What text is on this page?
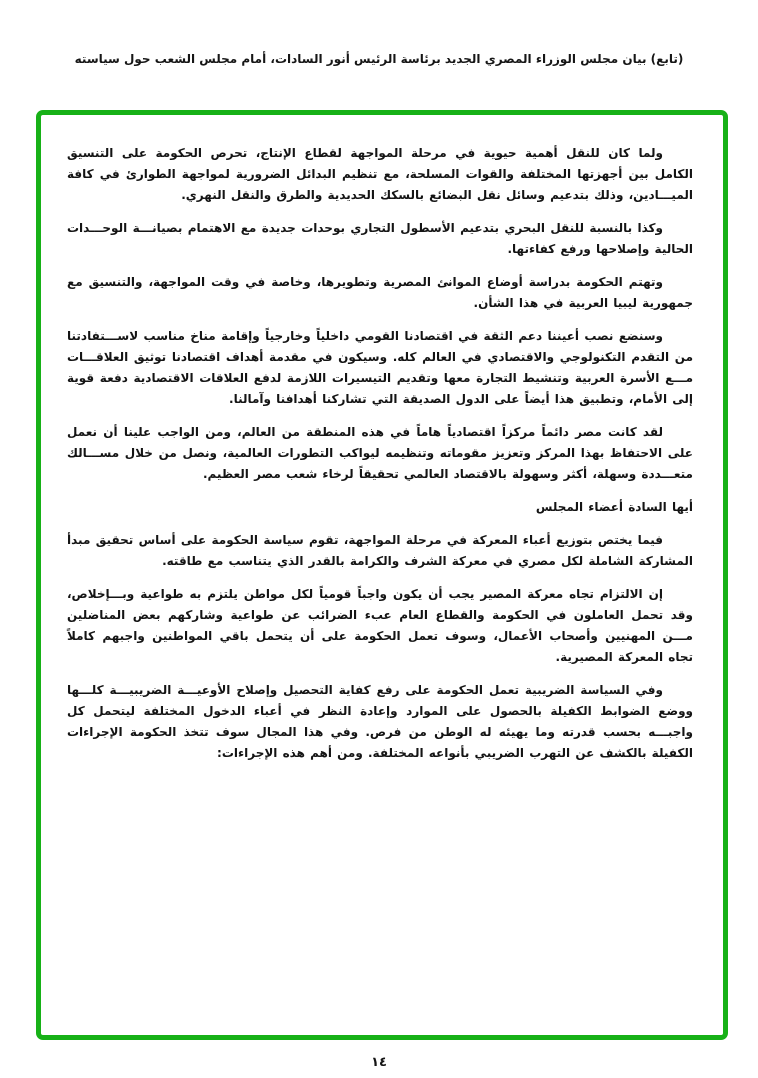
(تابع) بيان مجلس الوزراء المصري الجديد برئاسة الرئيس أنور السادات، أمام مجلس الشعب حول سياسته

ولما كان للنقل أهمية حيوية في مرحلة المواجهة لقطاع الإنتاج، تحرص الحكومة على التنسيق الكامل بين أجهزتها المختلفة والقوات المسلحة، مع تنظيم البدائل الضرورية لمواجهة الطوارئ في كافة الميـــادين، وذلك بتدعيم وسائل نقل البضائع بالسكك الحديدية والطرق والنقل النهري.

وكذا بالنسبة للنقل البحري بتدعيم الأسطول التجاري بوحدات جديدة مع الاهتمام بصيانـــة الوحـــدات الحالية وإصلاحها ورفع كفاءتها.

وتهتم الحكومة بدراسة أوضاع الموانئ المصرية وتطويرها، وخاصة في وقت المواجهة، والتنسيق مع جمهورية ليبيا العربية في هذا الشأن.

وسنضع نصب أعيننا دعم الثقة في اقتصادنا القومي داخلياً وخارجياً وإقامة مناخ مناسب لاســـتفادتنا من التقدم التكنولوجي والاقتصادي في العالم كله. وسيكون في مقدمة أهداف اقتصادنا توثيق العلاقـــات مـــع الأسرة العربية وتنشيط التجارة معها وتقديم التيسيرات اللازمة لدفع العلاقات الاقتصادية دفعة قوية إلى الأمام، وتطبيق هذا أيضاً على الدول الصديقة التي تشاركنا أهدافنا وآمالنا.

لقد كانت مصر دائماً مركزاً اقتصادياً هاماً في هذه المنطقة من العالم، ومن الواجب علينا أن نعمل على الاحتفاظ بهذا المركز وتعزيز مقوماته وتنظيمه ليواكب التطورات العالمية، ونصل من خلال مســـالك متعـــددة وسهلة، أكثر وسهولة بالاقتصاد العالمي تحقيقاً لرخاء شعب مصر العظيم.

أيها السادة أعضاء المجلس

فيما يختص بتوزيع أعباء المعركة في مرحلة المواجهة، تقوم سياسة الحكومة على أساس تحقيق مبدأ المشاركة الشاملة لكل مصري في معركة الشرف والكرامة بالقدر الذي يتناسب مع طاقته.

إن الالتزام تجاه معركة المصير يجب أن يكون واجباً قومياً لكل مواطن يلتزم به طواعية وبـــإخلاص، وقد تحمل العاملون في الحكومة والقطاع العام عبء الضرائب عن طواعية وشاركهم بعض المناضلين مـــن المهنيين وأصحاب الأعمال، وسوف تعمل الحكومة على أن يتحمل باقي المواطنين واجبهم كاملاً تجاه المعركة المصيرية.

وفي السياسة الضريبية تعمل الحكومة على رفع كفاية التحصيل وإصلاح الأوعيـــة الضريبيـــة كلـــها ووضع الضوابط الكفيلة بالحصول على الموارد وإعادة النظر في أعباء الدخول المختلفة ليتحمل كل واجبـــه بحسب قدرته وما يهيئه له الوطن من فرص. وفي هذا المجال سوف تتخذ الحكومة الإجراءات الكفيلة بالكشف عن التهرب الضريبي بأنواعه المختلفة. ومن أهم هذه الإجراءات:

١٤
